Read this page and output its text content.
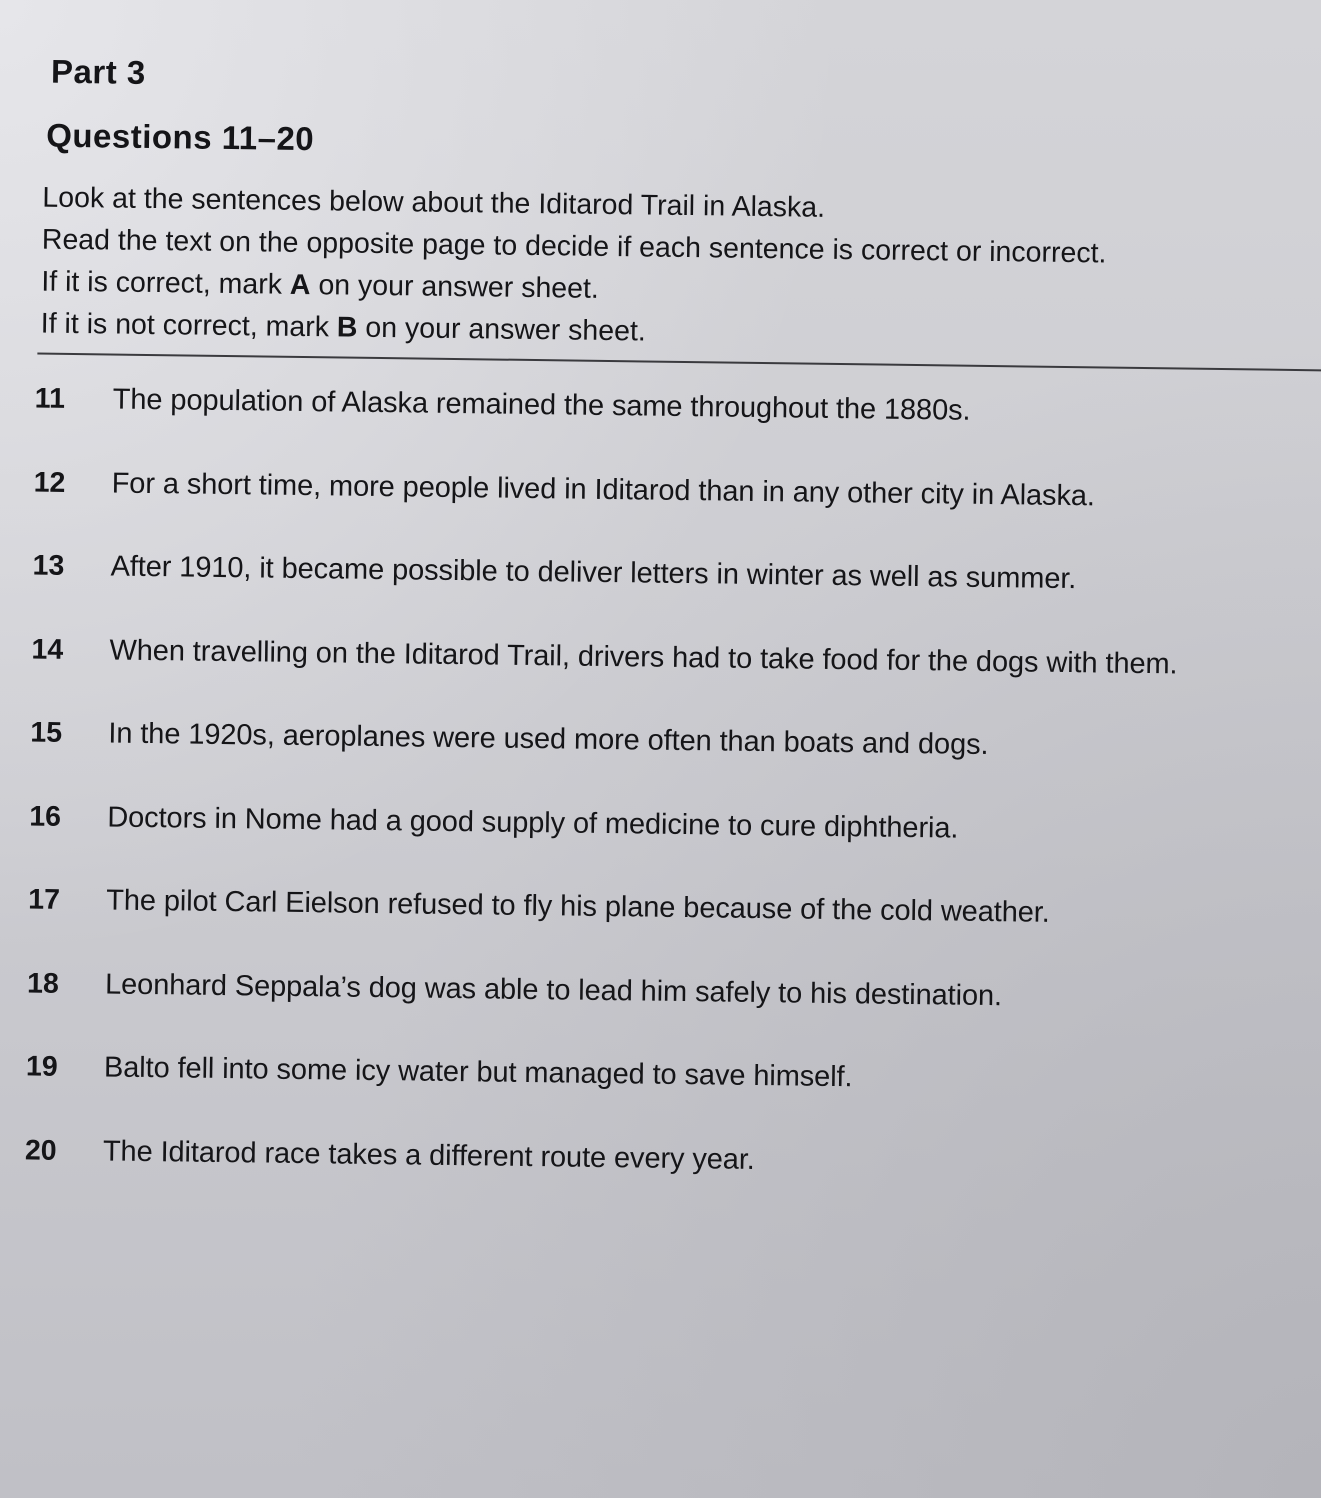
Part 3
Questions 11–20
Look at the sentences below about the Iditarod Trail in Alaska.
Read the text on the opposite page to decide if each sentence is correct or incorrect.
If it is correct, mark A on your answer sheet.
If it is not correct, mark B on your answer sheet.
11	The population of Alaska remained the same throughout the 1880s.
12	For a short time, more people lived in Iditarod than in any other city in Alaska.
13	After 1910, it became possible to deliver letters in winter as well as summer.
14	When travelling on the Iditarod Trail, drivers had to take food for the dogs with them.
15	In the 1920s, aeroplanes were used more often than boats and dogs.
16	Doctors in Nome had a good supply of medicine to cure diphtheria.
17	The pilot Carl Eielson refused to fly his plane because of the cold weather.
18	Leonhard Seppala’s dog was able to lead him safely to his destination.
19	Balto fell into some icy water but managed to save himself.
20	The Iditarod race takes a different route every year.
